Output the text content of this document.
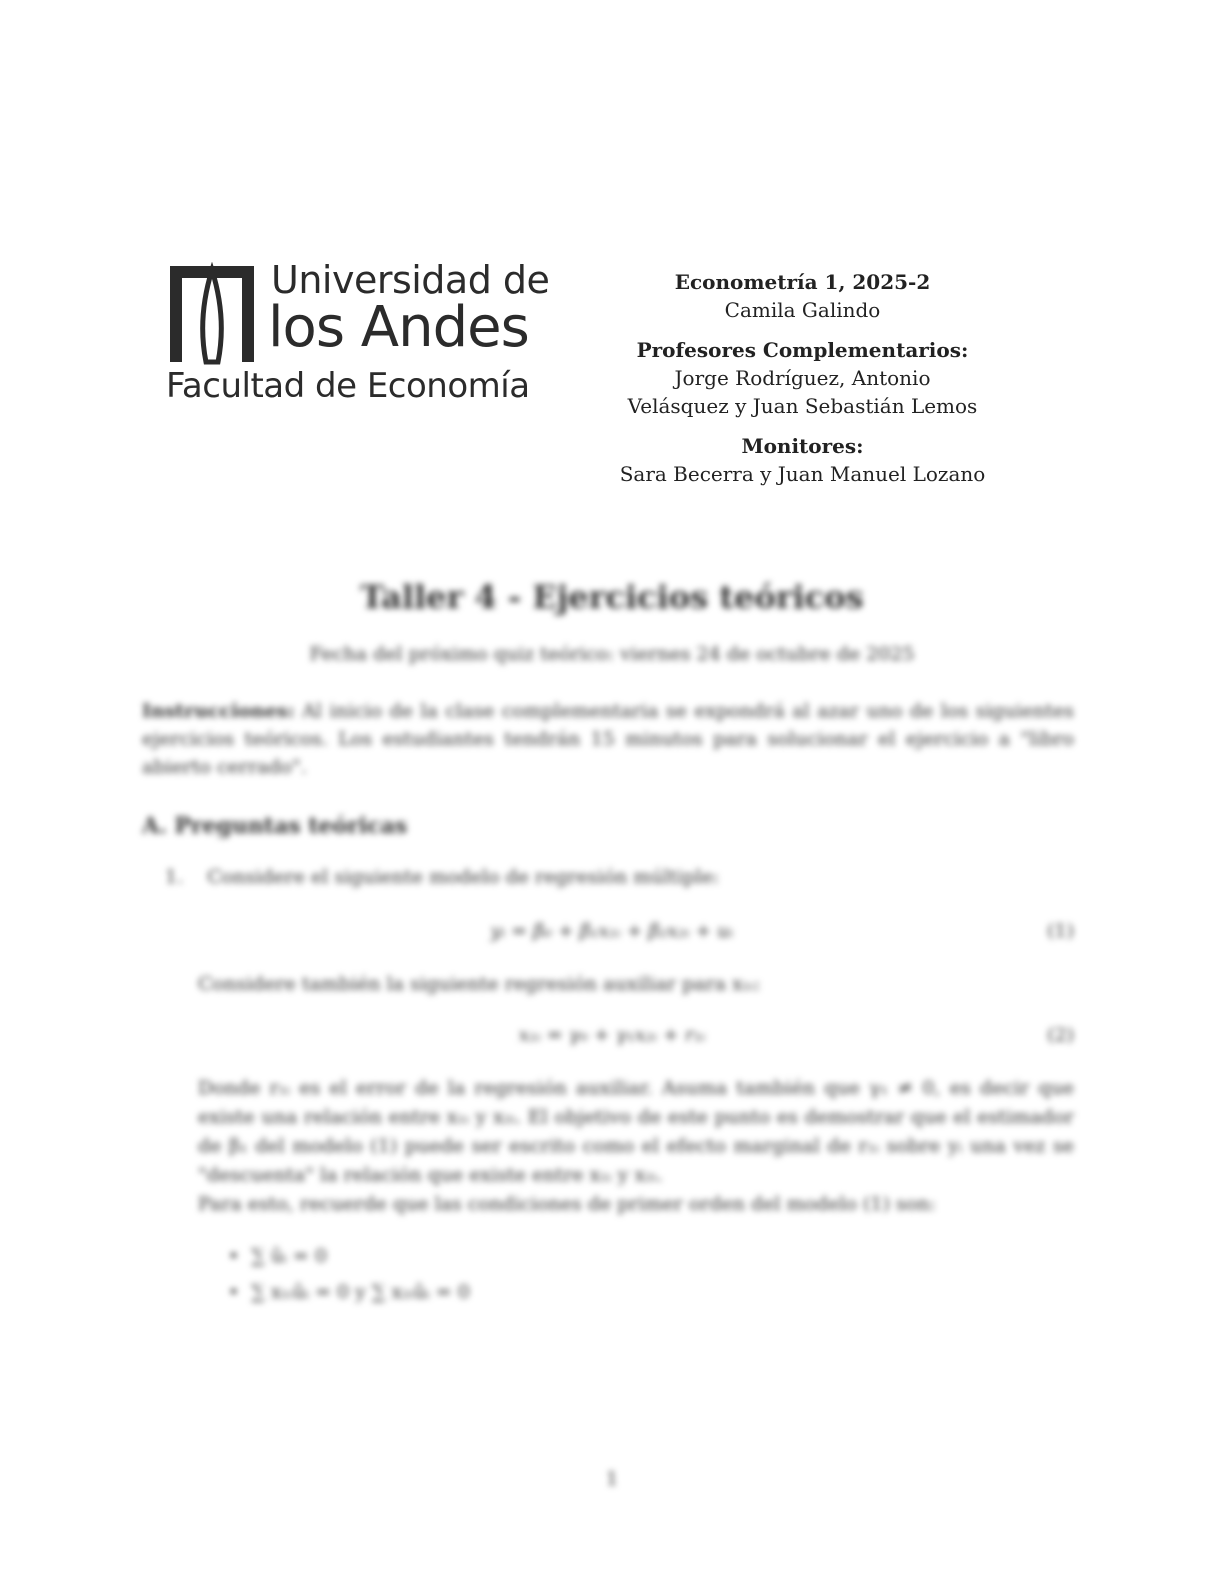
Universidad de
los Andes
Facultad de Economía
Econometría 1, 2025-2
Camila Galindo
Profesores Complementarios:
Jorge Rodríguez, Antonio
Velásquez y Juan Sebastián Lemos
Monitores:
Sara Becerra y Juan Manuel Lozano
Taller 4 - Ejercicios teóricos
Fecha del próximo quiz teórico: viernes 24 de octubre de 2025
Instrucciones: Al inicio de la clase complementaria se expondrá al azar uno de los siguientes ejercicios teóricos. Los estudiantes tendrán 15 minutos para solucionar el ejercicio a "libro abierto cerrado".
A. Preguntas teóricas
1. Considere el siguiente modelo de regresión múltiple:
yᵢ = β₀ + β₁x₁ᵢ + β₂x₂ᵢ + uᵢ	(1)
Considere también la siguiente regresión auxiliar para x₁ᵢ:
x₁ᵢ = γ₀ + γ₁x₂ᵢ + r₁ᵢ	(2)
Donde r₁ᵢ es el error de la regresión auxiliar. Asuma también que γ₁ ≠ 0, es decir que existe una relación entre x₁ᵢ y x₂ᵢ. El objetivo de este punto es demostrar que el estimador de β₁ del modelo (1) puede ser escrito como el efecto marginal de r₁ᵢ sobre yᵢ una vez se "descuenta" la relación que existe entre x₁ᵢ y x₂ᵢ.
Para esto, recuerde que las condiciones de primer orden del modelo (1) son:
• ∑ ûᵢ = 0
• ∑ x₁ᵢûᵢ = 0 y ∑ x₂ᵢûᵢ = 0
1
